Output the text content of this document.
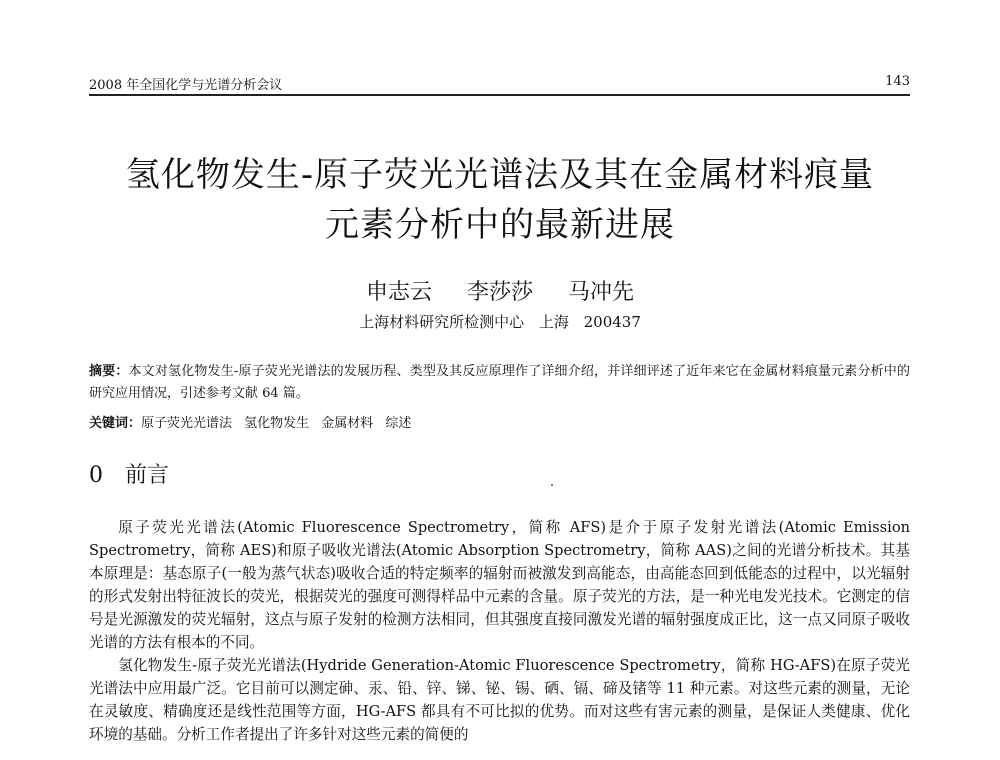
2008 年全国化学与光谱分析会议	143
氢化物发生-原子荧光光谱法及其在金属材料痕量
元素分析中的最新进展
申志云 李莎莎 马冲先
上海材料研究所检测中心 上海 200437
摘要：本文对氢化物发生-原子荧光光谱法的发展历程、类型及其反应原理作了详细介绍，并详细评述了近年来它在金属材料痕量元素分析中的研究应用情况，引述参考文献 64 篇。
关键词：原子荧光光谱法 氢化物发生 金属材料 综述
0 前言

原子荧光光谱法(Atomic Fluorescence Spectrometry，简称 AFS)是介于原子发射光谱法(Atomic Emission Spectrometry，简称 AES)和原子吸收光谱法(Atomic Absorption Spectrometry，简称 AAS)之间的光谱分析技术。其基本原理是：基态原子(一般为蒸气状态)吸收合适的特定频率的辐射而被激发到高能态，由高能态回到低能态的过程中，以光辐射的形式发射出特征波长的荧光，根据荧光的强度可测得样品中元素的含量。原子荧光的方法，是一种光电发光技术。它测定的信号是光源激发的荧光辐射，这点与原子发射的检测方法相同，但其强度直接同激发光谱的辐射强度成正比，这一点又同原子吸收光谱的方法有根本的不同。

氢化物发生-原子荧光光谱法(Hydride Generation-Atomic Fluorescence Spectrometry，简称 HG-AFS)在原子荧光光谱法中应用最广泛。它目前可以测定砷、汞、铅、锌、锑、铋、锡、硒、镉、碲及锗等 11 种元素。对这些元素的测量，无论在灵敏度、精确度还是线性范围等方面，HG-AFS 都具有不可比拟的优势。而对这些有害元素的测量，是保证人类健康、优化环境的基础。分析工作者提出了许多针对这些元素的简便的
